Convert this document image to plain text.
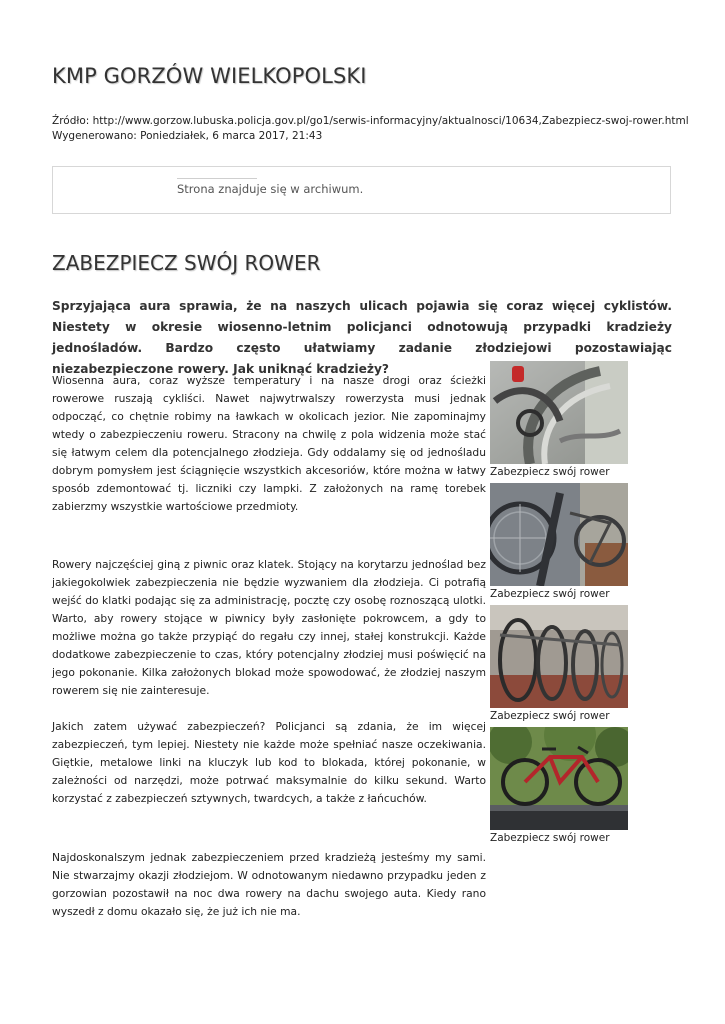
KMP GORZÓW WIELKOPOLSKI
Źródło: http://www.gorzow.lubuska.policja.gov.pl/go1/serwis-informacyjny/aktualnosci/10634,Zabezpiecz-swoj-rower.html
Wygenerowano: Poniedziałek, 6 marca 2017, 21:43
Strona znajduje się w archiwum.
ZABEZPIECZ SWÓJ ROWER

Sprzyjająca aura sprawia, że na naszych ulicach pojawia się coraz więcej cyklistów. Niestety w okresie wiosenno-letnim policjanci odnotowują przypadki kradzieży jednośladów. Bardzo często ułatwiamy zadanie złodziejowi pozostawiając niezabezpieczone rowery. Jak uniknąć kradzieży?

Wiosenna aura, coraz wyższe temperatury i na nasze drogi oraz ścieżki rowerowe ruszają cykliści. Nawet najwytrwalszy rowerzysta musi jednak odpocząć, co chętnie robimy na ławkach w okolicach jezior. Nie zapominajmy wtedy o zabezpieczeniu roweru. Stracony na chwilę z pola widzenia może stać się łatwym celem dla potencjalnego złodzieja. Gdy oddalamy się od jednośladu dobrym pomysłem jest ściągnięcie wszystkich akcesoriów, które można w łatwy sposób zdemontować tj. liczniki czy lampki. Z założonych na ramę torebek zabierzmy wszystkie wartościowe przedmioty.

Rowery najczęściej giną z piwnic oraz klatek. Stojący na korytarzu jednoślad bez jakiegokolwiek zabezpieczenia nie będzie wyzwaniem dla złodzieja. Ci potrafią wejść do klatki podając się za administrację, pocztę czy osobę roznoszącą ulotki. Warto, aby rowery stojące w piwnicy były zasłonięte pokrowcem, a gdy to możliwe można go także przypiąć do regału czy innej, stałej konstrukcji. Każde dodatkowe zabezpieczenie to czas, który potencjalny złodziej musi poświęcić na jego pokonanie. Kilka założonych blokad może spowodować, że złodziej naszym rowerem się nie zainteresuje.

Jakich zatem używać zabezpieczeń? Policjanci są zdania, że im więcej zabezpieczeń, tym lepiej. Niestety nie każde może spełniać nasze oczekiwania. Giętkie, metalowe linki na kluczyk lub kod to blokada, której pokonanie, w zależności od narzędzi, może potrwać maksymalnie do kilku sekund. Warto korzystać z zabezpieczeń sztywnych, twardcych, a także z łańcuchów.

Najdoskonalszym jednak zabezpieczeniem przed kradzieżą jesteśmy my sami. Nie stwarzajmy okazji złodziejom. W odnotowanym niedawno przypadku jeden z gorzowian pozostawił na noc dwa rowery na dachu swojego auta. Kiedy rano wyszedł z domu okazało się, że już ich nie ma.

Zabezpiecz swój rower
Zabezpiecz swój rower
Zabezpiecz swój rower
Zabezpiecz swój rower
